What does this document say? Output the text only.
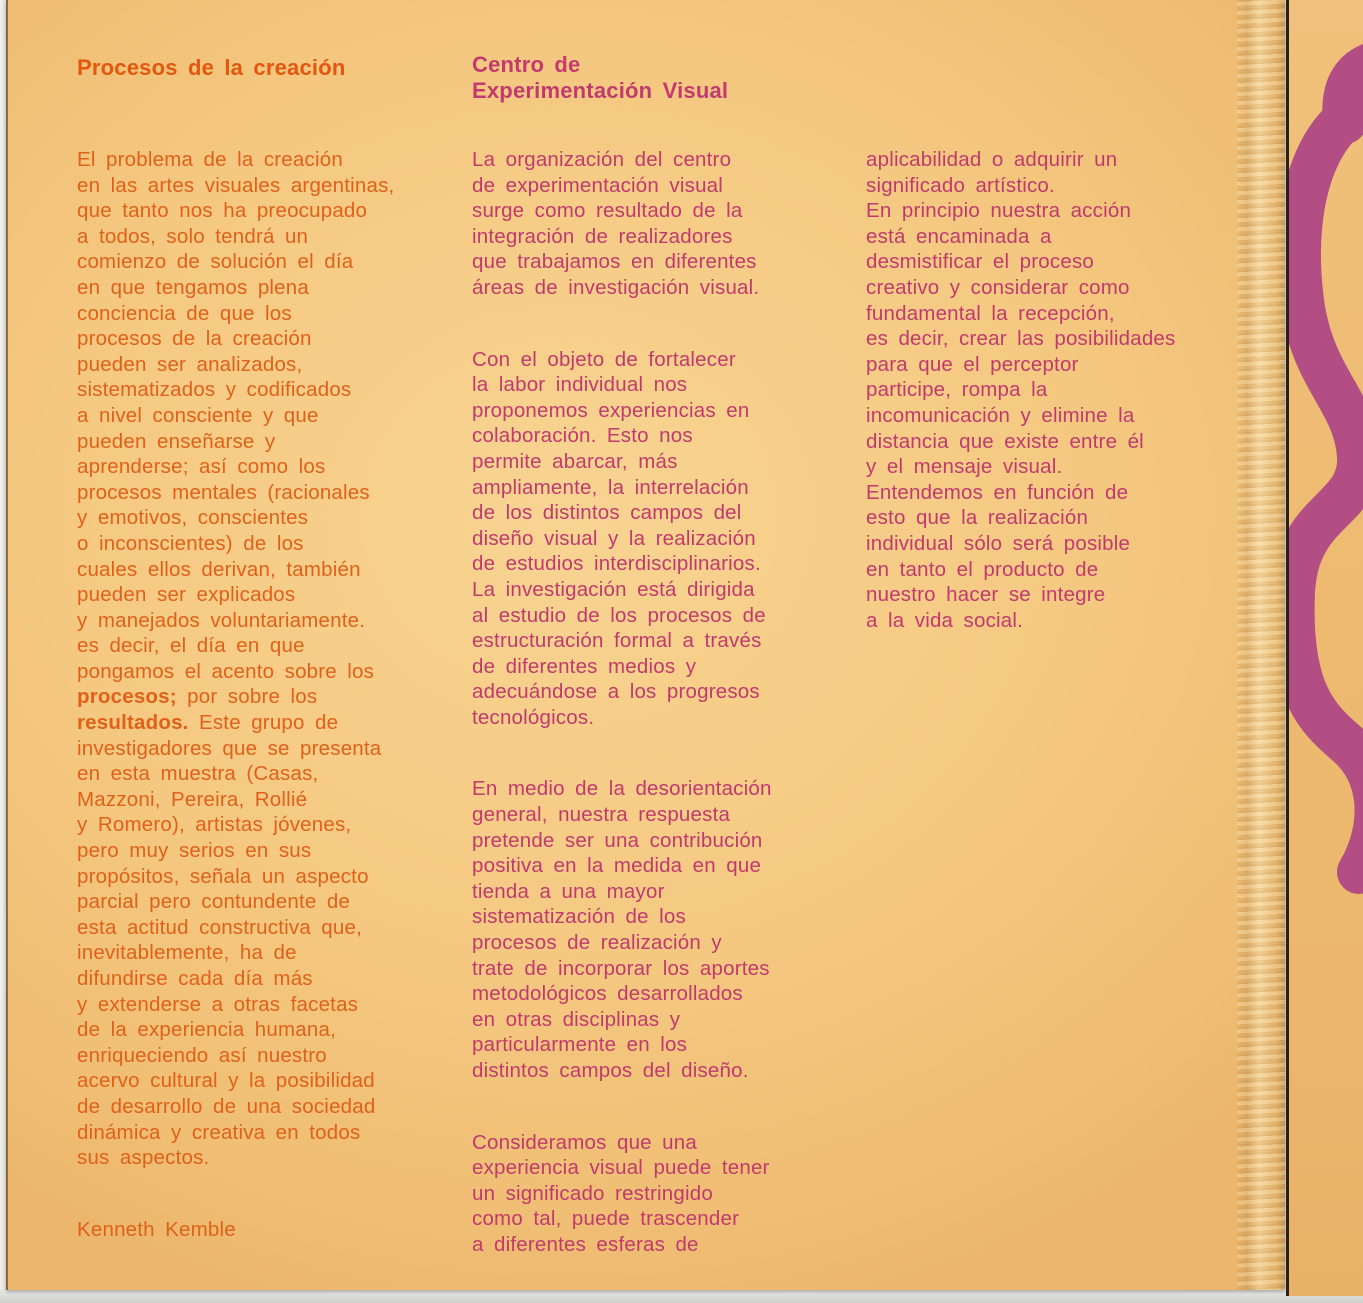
Procesos de la creación
El problema de la creación
en las artes visuales argentinas,
que tanto nos ha preocupado
a todos, solo tendrá un
comienzo de solución el día
en que tengamos plena
conciencia de que los
procesos de la creación
pueden ser analizados,
sistematizados y codificados
a nivel consciente y que
pueden enseñarse y
aprenderse; así como los
procesos mentales (racionales
y emotivos, conscientes
o inconscientes) de los
cuales ellos derivan, también
pueden ser explicados
y manejados voluntariamente.
es decir, el día en que
pongamos el acento sobre los
procesos; por sobre los
resultados. Este grupo de
investigadores que se presenta
en esta muestra (Casas,
Mazzoni, Pereira, Rollié
y Romero), artistas jóvenes,
pero muy serios en sus
propósitos, señala un aspecto
parcial pero contundente de
esta actitud constructiva que,
inevitablemente, ha de
difundirse cada día más
y extenderse a otras facetas
de la experiencia humana,
enriqueciendo así nuestro
acervo cultural y la posibilidad
de desarrollo de una sociedad
dinámica y creativa en todos
sus aspectos.
Kenneth Kemble
Centro de
Experimentación Visual
La organización del centro
de experimentación visual
surge como resultado de la
integración de realizadores
que trabajamos en diferentes
áreas de investigación visual.
Con el objeto de fortalecer
la labor individual nos
proponemos experiencias en
colaboración. Esto nos
permite abarcar, más
ampliamente, la interrelación
de los distintos campos del
diseño visual y la realización
de estudios interdisciplinarios.
La investigación está dirigida
al estudio de los procesos de
estructuración formal a través
de diferentes medios y
adecuándose a los progresos
tecnológicos.
En medio de la desorientación
general, nuestra respuesta
pretende ser una contribución
positiva en la medida en que
tienda a una mayor
sistematización de los
procesos de realización y
trate de incorporar los aportes
metodológicos desarrollados
en otras disciplinas y
particularmente en los
distintos campos del diseño.
Consideramos que una
experiencia visual puede tener
un significado restringido
como tal, puede trascender
a diferentes esferas de
aplicabilidad o adquirir un
significado artístico.
En principio nuestra acción
está encaminada a
desmistificar el proceso
creativo y considerar como
fundamental la recepción,
es decir, crear las posibilidades
para que el perceptor
participe, rompa la
incomunicación y elimine la
distancia que existe entre él
y el mensaje visual.
Entendemos en función de
esto que la realización
individual sólo será posible
en tanto el producto de
nuestro hacer se integre
a la vida social.
